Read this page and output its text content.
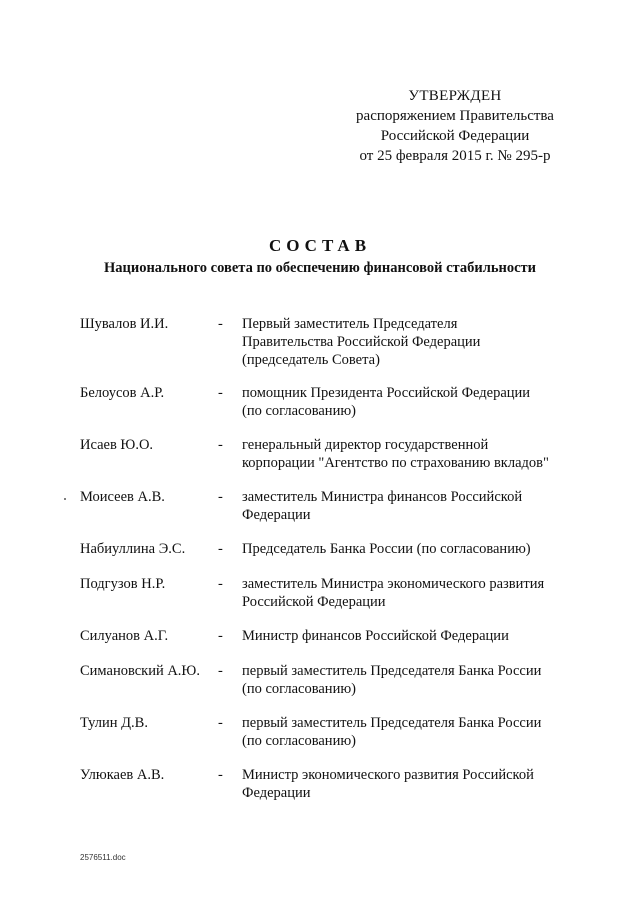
УТВЕРЖДЕН
распоряжением Правительства
Российской Федерации
от 25 февраля 2015 г. № 295-р
СОСТАВ
Национального совета по обеспечению финансовой стабильности
Шувалов И.И.	-	Первый заместитель Председателя
Правительства Российской Федерации
(председатель Совета)
Белоусов А.Р.	-	помощник Президента Российской Федерации
(по согласованию)
Исаев Ю.О.	-	генеральный директор государственной
корпорации "Агентство по страхованию вкладов"
Моисеев А.В.	-	заместитель Министра финансов Российской
Федерации
Набиуллина Э.С.	-	Председатель Банка России (по согласованию)
Подгузов Н.Р.	-	заместитель Министра экономического развития
Российской Федерации
Силуанов А.Г.	-	Министр финансов Российской Федерации
Симановский А.Ю.	-	первый заместитель Председателя Банка России
(по согласованию)
Тулин Д.В.	-	первый заместитель Председателя Банка России
(по согласованию)
Улюкаев А.В.	-	Министр экономического развития Российской
Федерации
2576511.doc
